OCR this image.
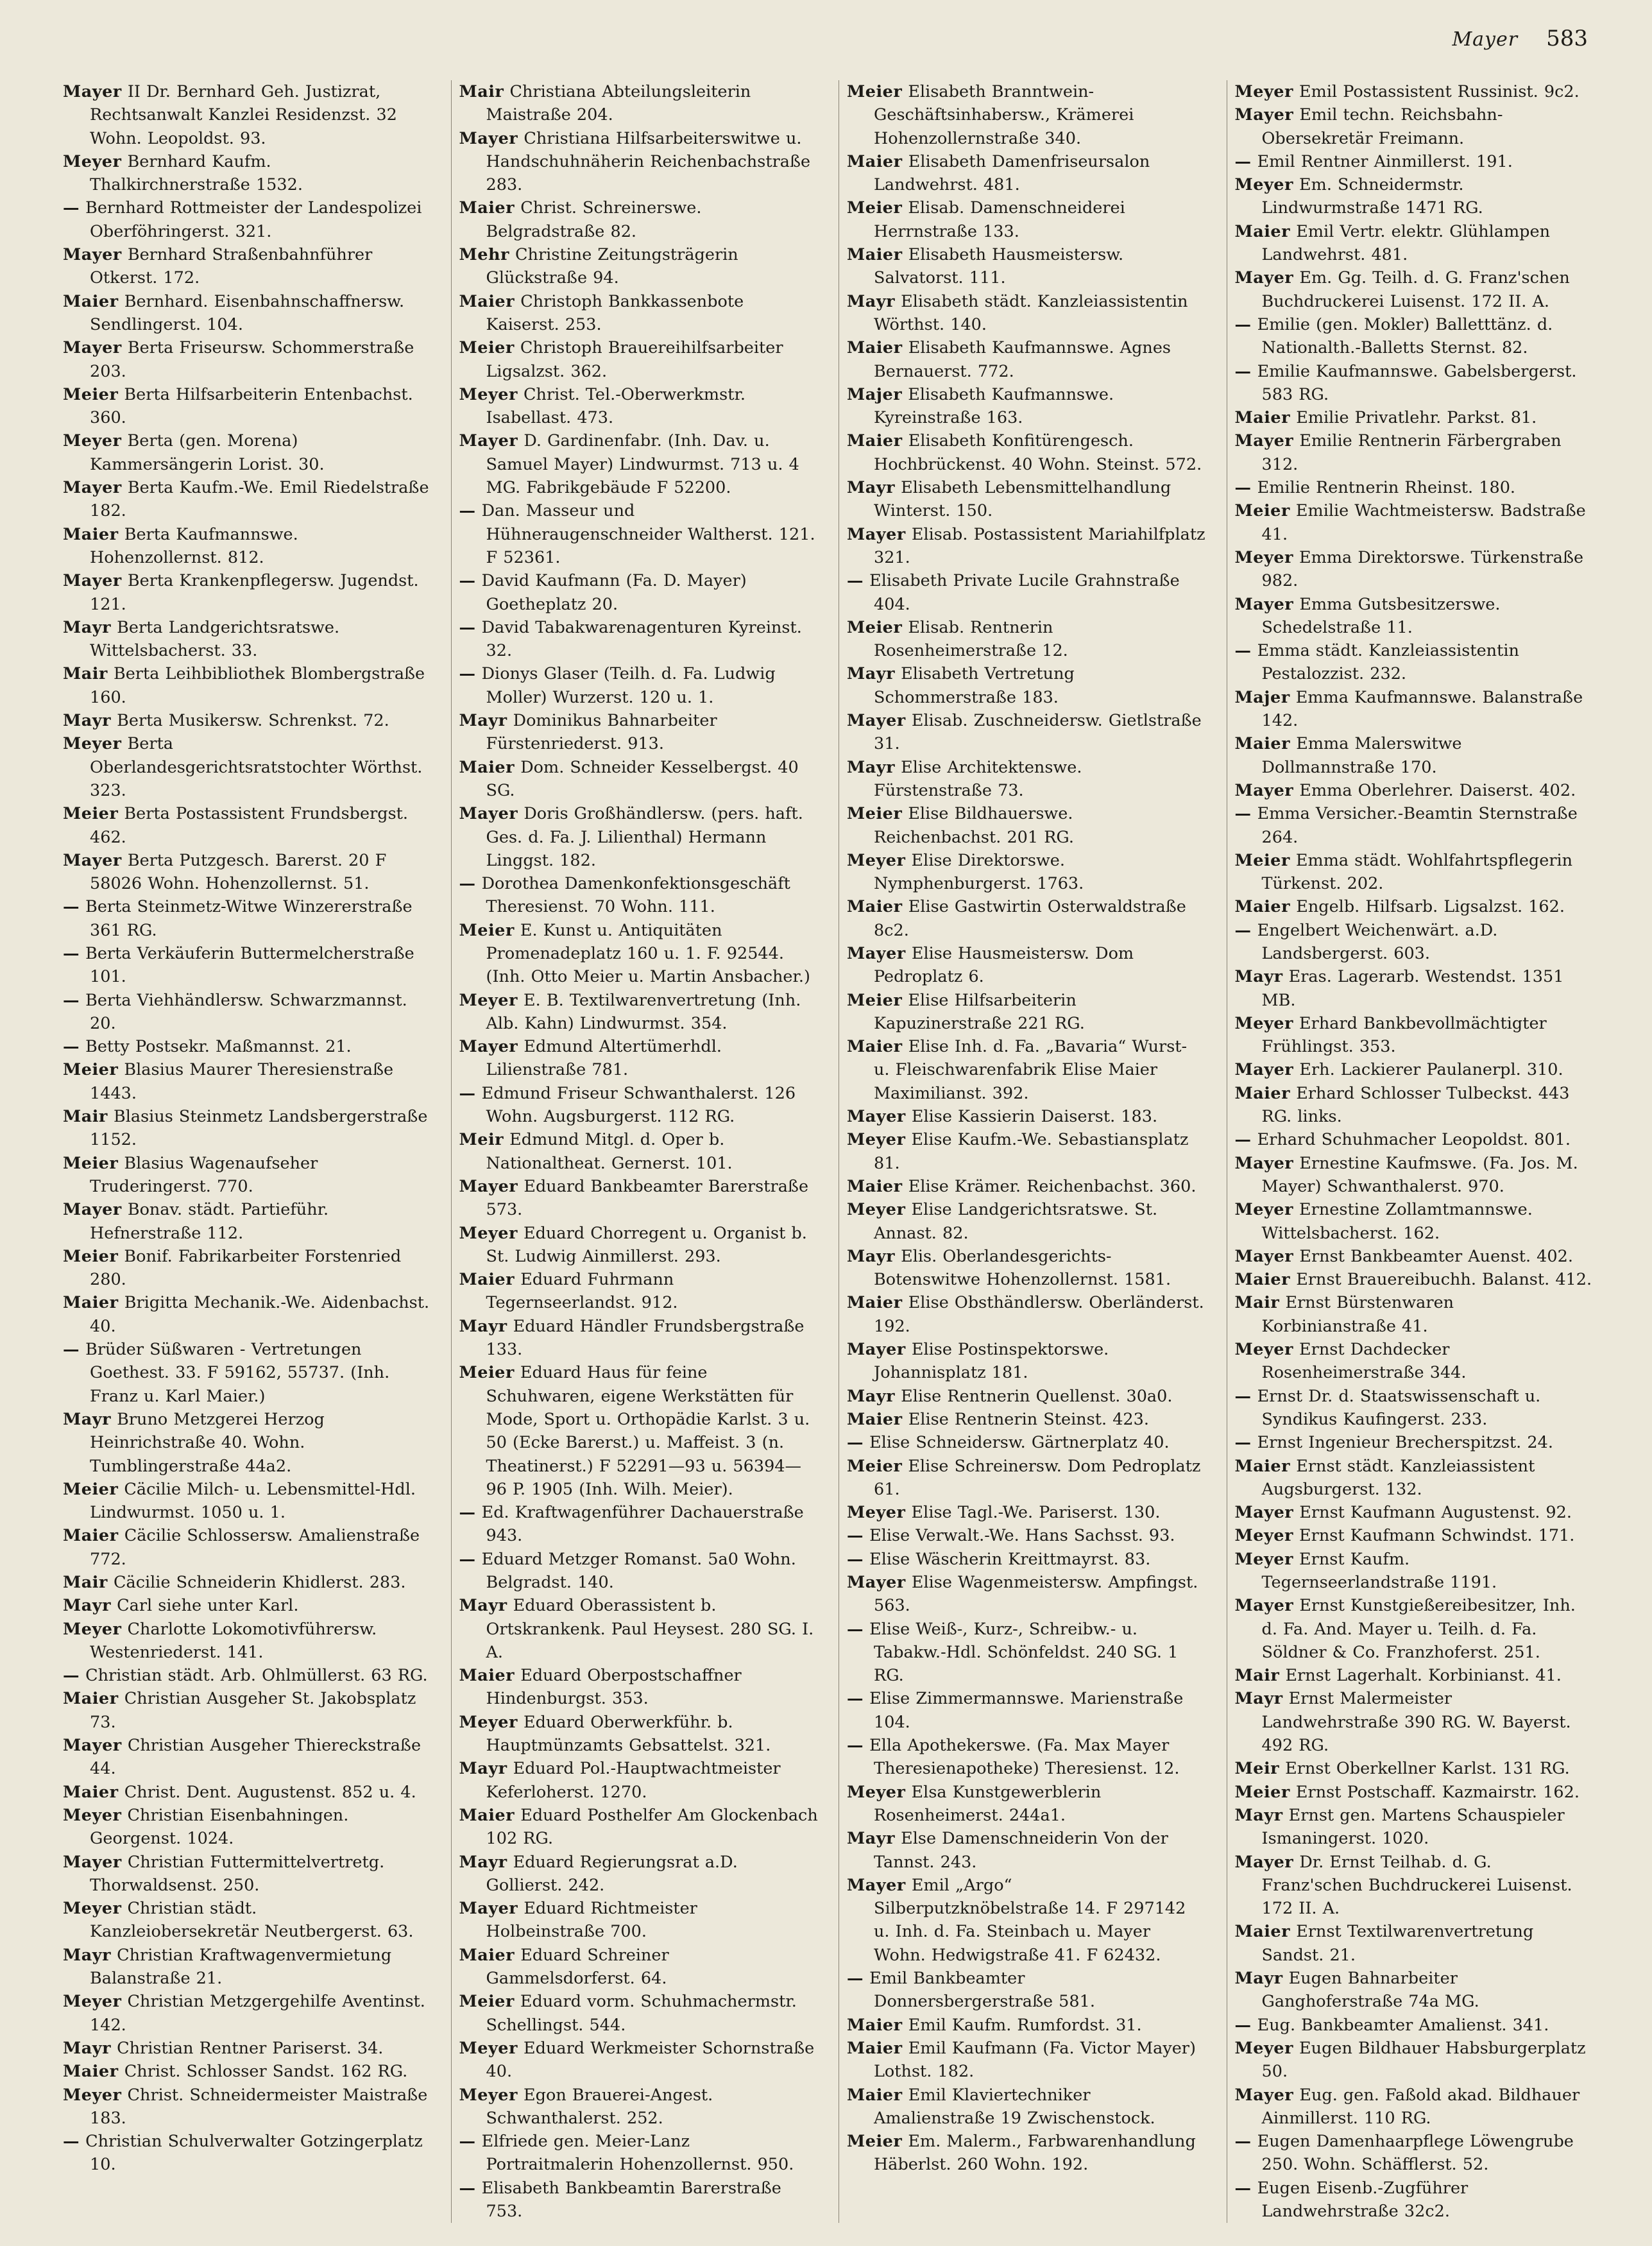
Mayer 583

Mayer II Dr. Bernhard Geh. Justizrat, Rechtsanwalt Kanzlei Residenzst. 32 Wohn. Leopoldst. 93.

Meyer Bernhard Kaufm. Thalkirchnerstraße 1532.

— Bernhard Rottmeister der Landespolizei Oberföhringerst. 321.

Mayer Bernhard Straßenbahnführer Otkerst. 172.

Maier Bernhard. Eisenbahnschaffnersw. Sendlingerst. 104.

Mayer Berta Friseursw. Schommerstraße 203.

Meier Berta Hilfsarbeiterin Entenbachst. 360.

Meyer Berta (gen. Morena) Kammersängerin Lorist. 30.

Mayer Berta Kaufm.-We. Emil Riedelstraße 182.

Maier Berta Kaufmannswe. Hohenzollernst. 812.

Mayer Berta Krankenpflegersw. Jugendst. 121.

Mayr Berta Landgerichtsratswe. Wittelsbacherst. 33.

Mair Berta Leihbibliothek Blombergstraße 160.

Mayr Berta Musikersw. Schrenkst. 72.

Meyer Berta Oberlandesgerichtsratstochter Wörthst. 323.

Meier Berta Postassistent Frundsbergst. 462.

Mayer Berta Putzgesch. Barerst. 20 F 58026 Wohn. Hohenzollernst. 51.

— Berta Steinmetz-Witwe Winzererstraße 361 RG.

— Berta Verkäuferin Buttermelcherstraße 101.

— Berta Viehhändlersw. Schwarzmannst. 20.

— Betty Postsekr. Maßmannst. 21.

Meier Blasius Maurer Theresienstraße 1443.

Mair Blasius Steinmetz Landsbergerstraße 1152.

Meier Blasius Wagenaufseher Truderingerst. 770.

Mayer Bonav. städt. Partieführ. Hefnerstraße 112.

Meier Bonif. Fabrikarbeiter Forstenried 280.

Maier Brigitta Mechanik.-We. Aidenbachst. 40.

— Brüder Süßwaren - Vertretungen Goethest. 33. F 59162, 55737. (Inh. Franz u. Karl Maier.)

Mayr Bruno Metzgerei Herzog Heinrichstraße 40. Wohn. Tumblingerstraße 44a2.

Meier Cäcilie Milch- u. Lebensmittel-Hdl. Lindwurmst. 1050 u. 1.

Maier Cäcilie Schlossersw. Amalienstraße 772.

Mair Cäcilie Schneiderin Khidlerst. 283.

Mayr Carl siehe unter Karl.

Meyer Charlotte Lokomotivführersw. Westenriederst. 141.

— Christian städt. Arb. Ohlmüllerst. 63 RG.

Maier Christian Ausgeher St. Jakobsplatz 73.

Mayer Christian Ausgeher Thiereckstraße 44.

Maier Christ. Dent. Augustenst. 852 u. 4.

Meyer Christian Eisenbahningen. Georgenst. 1024.

Mayer Christian Futtermittelvertretg. Thorwaldsenst. 250.

Meyer Christian städt. Kanzleiobersekretär Neutbergerst. 63.

Mayr Christian Kraftwagenvermietung Balanstraße 21.

Meyer Christian Metzgergehilfe Aventinst. 142.

Mayr Christian Rentner Pariserst. 34.

Maier Christ. Schlosser Sandst. 162 RG.

Meyer Christ. Schneidermeister Maistraße 183.

— Christian Schulverwalter Gotzingerplatz 10.

Mair Christiana Abteilungsleiterin Maistraße 204.

Mayer Christiana Hilfsarbeiterswitwe u. Handschuhnäherin Reichenbachstraße 283.

Maier Christ. Schreinerswe. Belgradstraße 82.

Mehr Christine Zeitungsträgerin Glückstraße 94.

Maier Christoph Bankkassenbote Kaiserst. 253.

Meier Christoph Brauereihilfsarbeiter Ligsalzst. 362.

Meyer Christ. Tel.-Oberwerkmstr. Isabellast. 473.

Mayer D. Gardinenfabr. (Inh. Dav. u. Samuel Mayer) Lindwurmst. 713 u. 4 MG. Fabrikgebäude F 52200.

— Dan. Masseur und Hühneraugenschneider Waltherst. 121. F 52361.

— David Kaufmann (Fa. D. Mayer) Goetheplatz 20.

— David Tabakwarenagenturen Kyreinst. 32.

— Dionys Glaser (Teilh. d. Fa. Ludwig Moller) Wurzerst. 120 u. 1.

Mayr Dominikus Bahnarbeiter Fürstenriederst. 913.

Maier Dom. Schneider Kesselbergst. 40 SG.

Mayer Doris Großhändlersw. (pers. haft. Ges. d. Fa. J. Lilienthal) Hermann Linggst. 182.

— Dorothea Damenkonfektionsgeschäft Theresienst. 70 Wohn. 111.

Meier E. Kunst u. Antiquitäten Promenadeplatz 160 u. 1. F. 92544. (Inh. Otto Meier u. Martin Ansbacher.)

Meyer E. B. Textilwarenvertretung (Inh. Alb. Kahn) Lindwurmst. 354.

Mayer Edmund Altertümerhdl. Lilienstraße 781.

— Edmund Friseur Schwanthalerst. 126 Wohn. Augsburgerst. 112 RG.

Meir Edmund Mitgl. d. Oper b. Nationaltheat. Gernerst. 101.

Mayer Eduard Bankbeamter Barerstraße 573.

Meyer Eduard Chorregent u. Organist b. St. Ludwig Ainmillerst. 293.

Maier Eduard Fuhrmann Tegernseerlandst. 912.

Mayr Eduard Händler Frundsbergstraße 133.

Meier Eduard Haus für feine Schuhwaren, eigene Werkstätten für Mode, Sport u. Orthopädie Karlst. 3 u. 50 (Ecke Barerst.) u. Maffeist. 3 (n. Theatinerst.) F 52291—93 u. 56394—96 P. 1905 (Inh. Wilh. Meier).

— Ed. Kraftwagenführer Dachauerstraße 943.

— Eduard Metzger Romanst. 5a0 Wohn. Belgradst. 140.

Mayr Eduard Oberassistent b. Ortskrankenk. Paul Heysest. 280 SG. I. A.

Maier Eduard Oberpostschaffner Hindenburgst. 353.

Meyer Eduard Oberwerkführ. b. Hauptmünzamts Gebsattelst. 321.

Mayr Eduard Pol.-Hauptwachtmeister Keferloherst. 1270.

Maier Eduard Posthelfer Am Glockenbach 102 RG.

Mayr Eduard Regierungsrat a.D. Gollierst. 242.

Mayer Eduard Richtmeister Holbeinstraße 700.

Maier Eduard Schreiner Gammelsdorferst. 64.

Meier Eduard vorm. Schuhmachermstr. Schellingst. 544.

Meyer Eduard Werkmeister Schornstraße 40.

Meyer Egon Brauerei-Angest. Schwanthalerst. 252.

— Elfriede gen. Meier-Lanz Portraitmalerin Hohenzollernst. 950.

— Elisabeth Bankbeamtin Barerstraße 753.

Meier Elisabeth Branntwein-Geschäftsinhabersw., Krämerei Hohenzollernstraße 340.

Maier Elisabeth Damenfriseursalon Landwehrst. 481.

Meier Elisab. Damenschneiderei Herrnstraße 133.

Maier Elisabeth Hausmeistersw. Salvatorst. 111.

Mayr Elisabeth städt. Kanzleiassistentin Wörthst. 140.

Maier Elisabeth Kaufmannswe. Agnes Bernauerst. 772.

Majer Elisabeth Kaufmannswe. Kyreinstraße 163.

Maier Elisabeth Konfitürengesch. Hochbrückenst. 40 Wohn. Steinst. 572.

Mayr Elisabeth Lebensmittelhandlung Winterst. 150.

Mayer Elisab. Postassistent Mariahilfplatz 321.

— Elisabeth Private Lucile Grahnstraße 404.

Meier Elisab. Rentnerin Rosenheimerstraße 12.

Mayr Elisabeth Vertretung Schommerstraße 183.

Mayer Elisab. Zuschneidersw. Gietlstraße 31.

Mayr Elise Architektenswe. Fürstenstraße 73.

Meier Elise Bildhauerswe. Reichenbachst. 201 RG.

Meyer Elise Direktorswe. Nymphenburgerst. 1763.

Maier Elise Gastwirtin Osterwaldstraße 8c2.

Mayer Elise Hausmeistersw. Dom Pedroplatz 6.

Meier Elise Hilfsarbeiterin Kapuzinerstraße 221 RG.

Maier Elise Inh. d. Fa. „Bavaria“ Wurst- u. Fleischwarenfabrik Elise Maier Maximilianst. 392.

Mayer Elise Kassierin Daiserst. 183.

Meyer Elise Kaufm.-We. Sebastiansplatz 81.

Maier Elise Krämer. Reichenbachst. 360.

Meyer Elise Landgerichtsratswe. St. Annast. 82.

Mayr Elis. Oberlandesgerichts-Botenswitwe Hohenzollernst. 1581.

Maier Elise Obsthändlersw. Oberländerst. 192.

Mayer Elise Postinspektorswe. Johannisplatz 181.

Mayr Elise Rentnerin Quellenst. 30a0.

Maier Elise Rentnerin Steinst. 423.

— Elise Schneidersw. Gärtnerplatz 40.

Meier Elise Schreinersw. Dom Pedroplatz 61.

Meyer Elise Tagl.-We. Pariserst. 130.

— Elise Verwalt.-We. Hans Sachsst. 93.

— Elise Wäscherin Kreittmayrst. 83.

Mayer Elise Wagenmeistersw. Ampfingst. 563.

— Elise Weiß-, Kurz-, Schreibw.- u. Tabakw.-Hdl. Schönfeldst. 240 SG. 1 RG.

— Elise Zimmermannswe. Marienstraße 104.

— Ella Apothekerswe. (Fa. Max Mayer Theresienapotheke) Theresienst. 12.

Meyer Elsa Kunstgewerblerin Rosenheimerst. 244a1.

Mayr Else Damenschneiderin Von der Tannst. 243.

Mayer Emil „Argo“ Silberputzknöbelstraße 14. F 297142 u. Inh. d. Fa. Steinbach u. Mayer Wohn. Hedwigstraße 41. F 62432.

— Emil Bankbeamter Donnersbergerstraße 581.

Maier Emil Kaufm. Rumfordst. 31.

Maier Emil Kaufmann (Fa. Victor Mayer) Lothst. 182.

Maier Emil Klaviertechniker Amalienstraße 19 Zwischenstock.

Meier Em. Malerm., Farbwarenhandlung Häberlst. 260 Wohn. 192.

Meyer Emil Postassistent Russinist. 9c2.

Mayer Emil techn. Reichsbahn-Obersekretär Freimann.

— Emil Rentner Ainmillerst. 191.

Meyer Em. Schneidermstr. Lindwurmstraße 1471 RG.

Maier Emil Vertr. elektr. Glühlampen Landwehrst. 481.

Mayer Em. Gg. Teilh. d. G. Franz'schen Buchdruckerei Luisenst. 172 II. A.

— Emilie (gen. Mokler) Balletttänz. d. Nationalth.-Balletts Sternst. 82.

— Emilie Kaufmannswe. Gabelsbergerst. 583 RG.

Maier Emilie Privatlehr. Parkst. 81.

Mayer Emilie Rentnerin Färbergraben 312.

— Emilie Rentnerin Rheinst. 180.

Meier Emilie Wachtmeistersw. Badstraße 41.

Meyer Emma Direktorswe. Türkenstraße 982.

Mayer Emma Gutsbesitzerswe. Schedelstraße 11.

— Emma städt. Kanzleiassistentin Pestalozzist. 232.

Majer Emma Kaufmannswe. Balanstraße 142.

Maier Emma Malerswitwe Dollmannstraße 170.

Mayer Emma Oberlehrer. Daiserst. 402.

— Emma Versicher.-Beamtin Sternstraße 264.

Meier Emma städt. Wohlfahrtspflegerin Türkenst. 202.

Maier Engelb. Hilfsarb. Ligsalzst. 162.

— Engelbert Weichenwärt. a.D. Landsbergerst. 603.

Mayr Eras. Lagerarb. Westendst. 1351 MB.

Meyer Erhard Bankbevollmächtigter Frühlingst. 353.

Mayer Erh. Lackierer Paulanerpl. 310.

Maier Erhard Schlosser Tulbeckst. 443 RG. links.

— Erhard Schuhmacher Leopoldst. 801.

Mayer Ernestine Kaufmswe. (Fa. Jos. M. Mayer) Schwanthalerst. 970.

Meyer Ernestine Zollamtmannswe. Wittelsbacherst. 162.

Mayer Ernst Bankbeamter Auenst. 402.

Maier Ernst Brauereibuchh. Balanst. 412.

Mair Ernst Bürstenwaren Korbinianstraße 41.

Meyer Ernst Dachdecker Rosenheimerstraße 344.

— Ernst Dr. d. Staatswissenschaft u. Syndikus Kaufingerst. 233.

— Ernst Ingenieur Brecherspitzst. 24.

Maier Ernst städt. Kanzleiassistent Augsburgerst. 132.

Mayer Ernst Kaufmann Augustenst. 92.

Meyer Ernst Kaufmann Schwindst. 171.

Meyer Ernst Kaufm. Tegernseerlandstraße 1191.

Mayer Ernst Kunstgießereibesitzer, Inh. d. Fa. And. Mayer u. Teilh. d. Fa. Söldner & Co. Franzhoferst. 251.

Mair Ernst Lagerhalt. Korbinianst. 41.

Mayr Ernst Malermeister Landwehrstraße 390 RG. W. Bayerst. 492 RG.

Meir Ernst Oberkellner Karlst. 131 RG.

Meier Ernst Postschaff. Kazmairstr. 162.

Mayr Ernst gen. Martens Schauspieler Ismaningerst. 1020.

Mayer Dr. Ernst Teilhab. d. G. Franz'schen Buchdruckerei Luisenst. 172 II. A.

Maier Ernst Textilwarenvertretung Sandst. 21.

Mayr Eugen Bahnarbeiter Ganghoferstraße 74a MG.

— Eug. Bankbeamter Amalienst. 341.

Meyer Eugen Bildhauer Habsburgerplatz 50.

Mayer Eug. gen. Faßold akad. Bildhauer Ainmillerst. 110 RG.

— Eugen Damenhaarpflege Löwengrube 250. Wohn. Schäfflerst. 52.

— Eugen Eisenb.-Zugführer Landwehrstraße 32c2.
